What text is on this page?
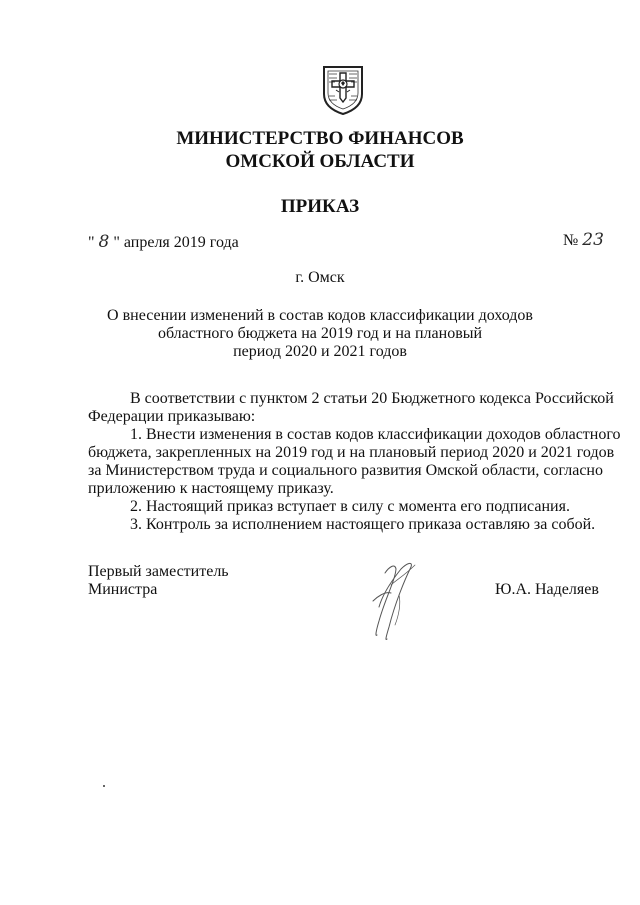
МИНИСТЕРСТВО ФИНАНСОВ
ОМСКОЙ ОБЛАСТИ
ПРИКАЗ
" 8 " апреля 2019 года	№ 23
г. Омск
О внесении изменений в состав кодов классификации доходов
областного бюджета на 2019 год и на плановый
период 2020 и 2021 годов
В соответствии с пунктом 2 статьи 20 Бюджетного кодекса Российской
Федерации приказываю:
1. Внести изменения в состав кодов классификации доходов областного
бюджета, закрепленных на 2019 год и на плановый период 2020 и 2021 годов
за Министерством труда и социального развития Омской области, согласно
приложению к настоящему приказу.
2. Настоящий приказ вступает в силу с момента его подписания.
3. Контроль за исполнением настоящего приказа оставляю за собой.
Первый заместитель
Министра	Ю.А. Наделяев
